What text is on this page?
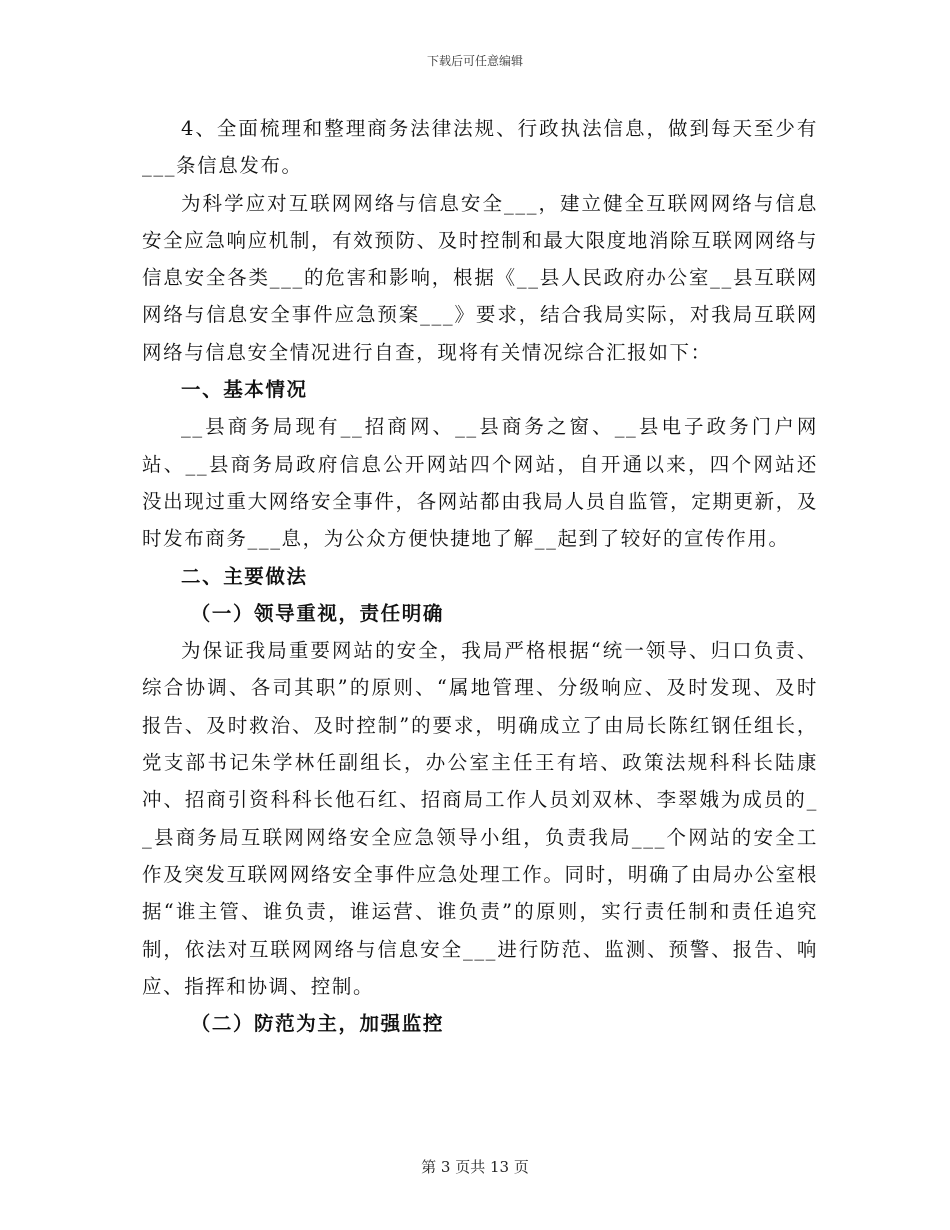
下载后可任意编辑

4、全面梳理和整理商务法律法规、行政执法信息，做到每天至少有___条信息发布。

为科学应对互联网网络与信息安全___，建立健全互联网网络与信息安全应急响应机制，有效预防、及时控制和最大限度地消除互联网网络与信息安全各类___的危害和影响，根据《__县人民政府办公室__县互联网网络与信息安全事件应急预案___》要求，结合我局实际，对我局互联网网络与信息安全情况进行自查，现将有关情况综合汇报如下：

一、基本情况

__县商务局现有__招商网、__县商务之窗、__县电子政务门户网站、__县商务局政府信息公开网站四个网站，自开通以来，四个网站还没出现过重大网络安全事件，各网站都由我局人员自监管，定期更新，及时发布商务___息，为公众方便快捷地了解__起到了较好的宣传作用。

二、主要做法

（一）领导重视，责任明确

为保证我局重要网站的安全，我局严格根据“统一领导、归口负责、综合协调、各司其职”的原则、“属地管理、分级响应、及时发现、及时报告、及时救治、及时控制”的要求，明确成立了由局长陈红钢任组长，党支部书记朱学林任副组长，办公室主任王有培、政策法规科科长陆康冲、招商引资科科长他石红、招商局工作人员刘双林、李翠娥为成员的__县商务局互联网网络安全应急领导小组，负责我局___个网站的安全工作及突发互联网网络安全事件应急处理工作。同时，明确了由局办公室根据“谁主管、谁负责，谁运营、谁负责”的原则，实行责任制和责任追究制，依法对互联网网络与信息安全___进行防范、监测、预警、报告、响应、指挥和协调、控制。

（二）防范为主，加强监控

第 3 页共 13 页
